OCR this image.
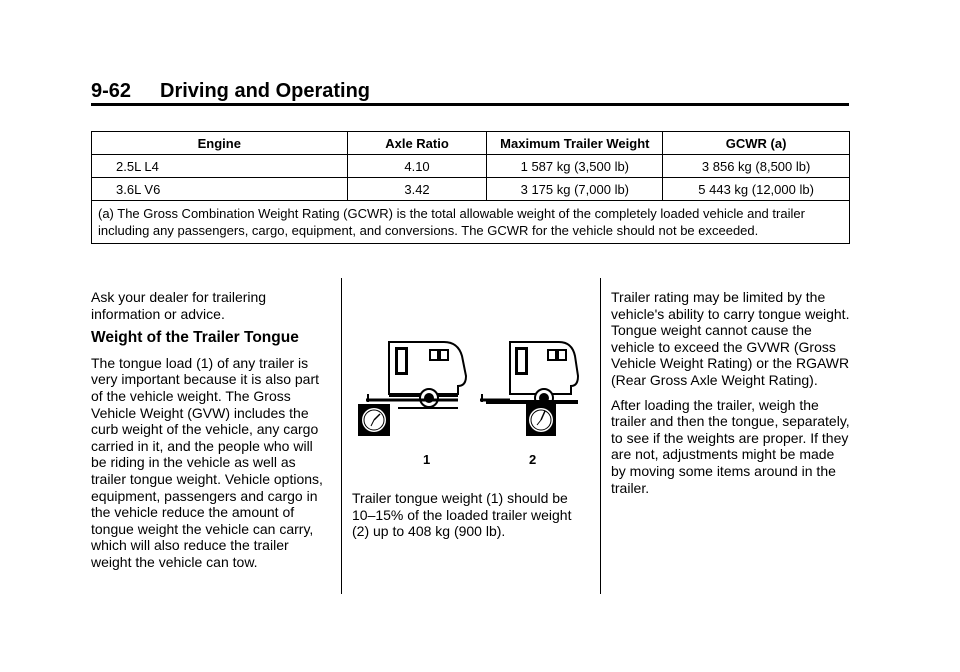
9-62 Driving and Operating
Engine	Axle Ratio	Maximum Trailer Weight	GCWR (a)
2.5L L4	4.10	1 587 kg (3,500 lb)	3 856 kg (8,500 lb)
3.6L V6	3.42	3 175 kg (7,000 lb)	5 443 kg (12,000 lb)
(a) The Gross Combination Weight Rating (GCWR) is the total allowable weight of the completely loaded vehicle and trailer including any passengers, cargo, equipment, and conversions. The GCWR for the vehicle should not be exceeded.			

Ask your dealer for trailering information or advice.

Weight of the Trailer Tongue

The tongue load (1) of any trailer is very important because it is also part of the vehicle weight. The Gross Vehicle Weight (GVW) includes the curb weight of the vehicle, any cargo carried in it, and the people who will be riding in the vehicle as well as trailer tongue weight. Vehicle options, equipment, passengers and cargo in the vehicle reduce the amount of tongue weight the vehicle can carry, which will also reduce the trailer weight the vehicle can tow.

1	2

Trailer tongue weight (1) should be 10–15% of the loaded trailer weight (2) up to 408 kg (900 lb).

Trailer rating may be limited by the vehicle's ability to carry tongue weight. Tongue weight cannot cause the vehicle to exceed the GVWR (Gross Vehicle Weight Rating) or the RGAWR (Rear Gross Axle Weight Rating).

After loading the trailer, weigh the trailer and then the tongue, separately, to see if the weights are proper. If they are not, adjustments might be made by moving some items around in the trailer.
